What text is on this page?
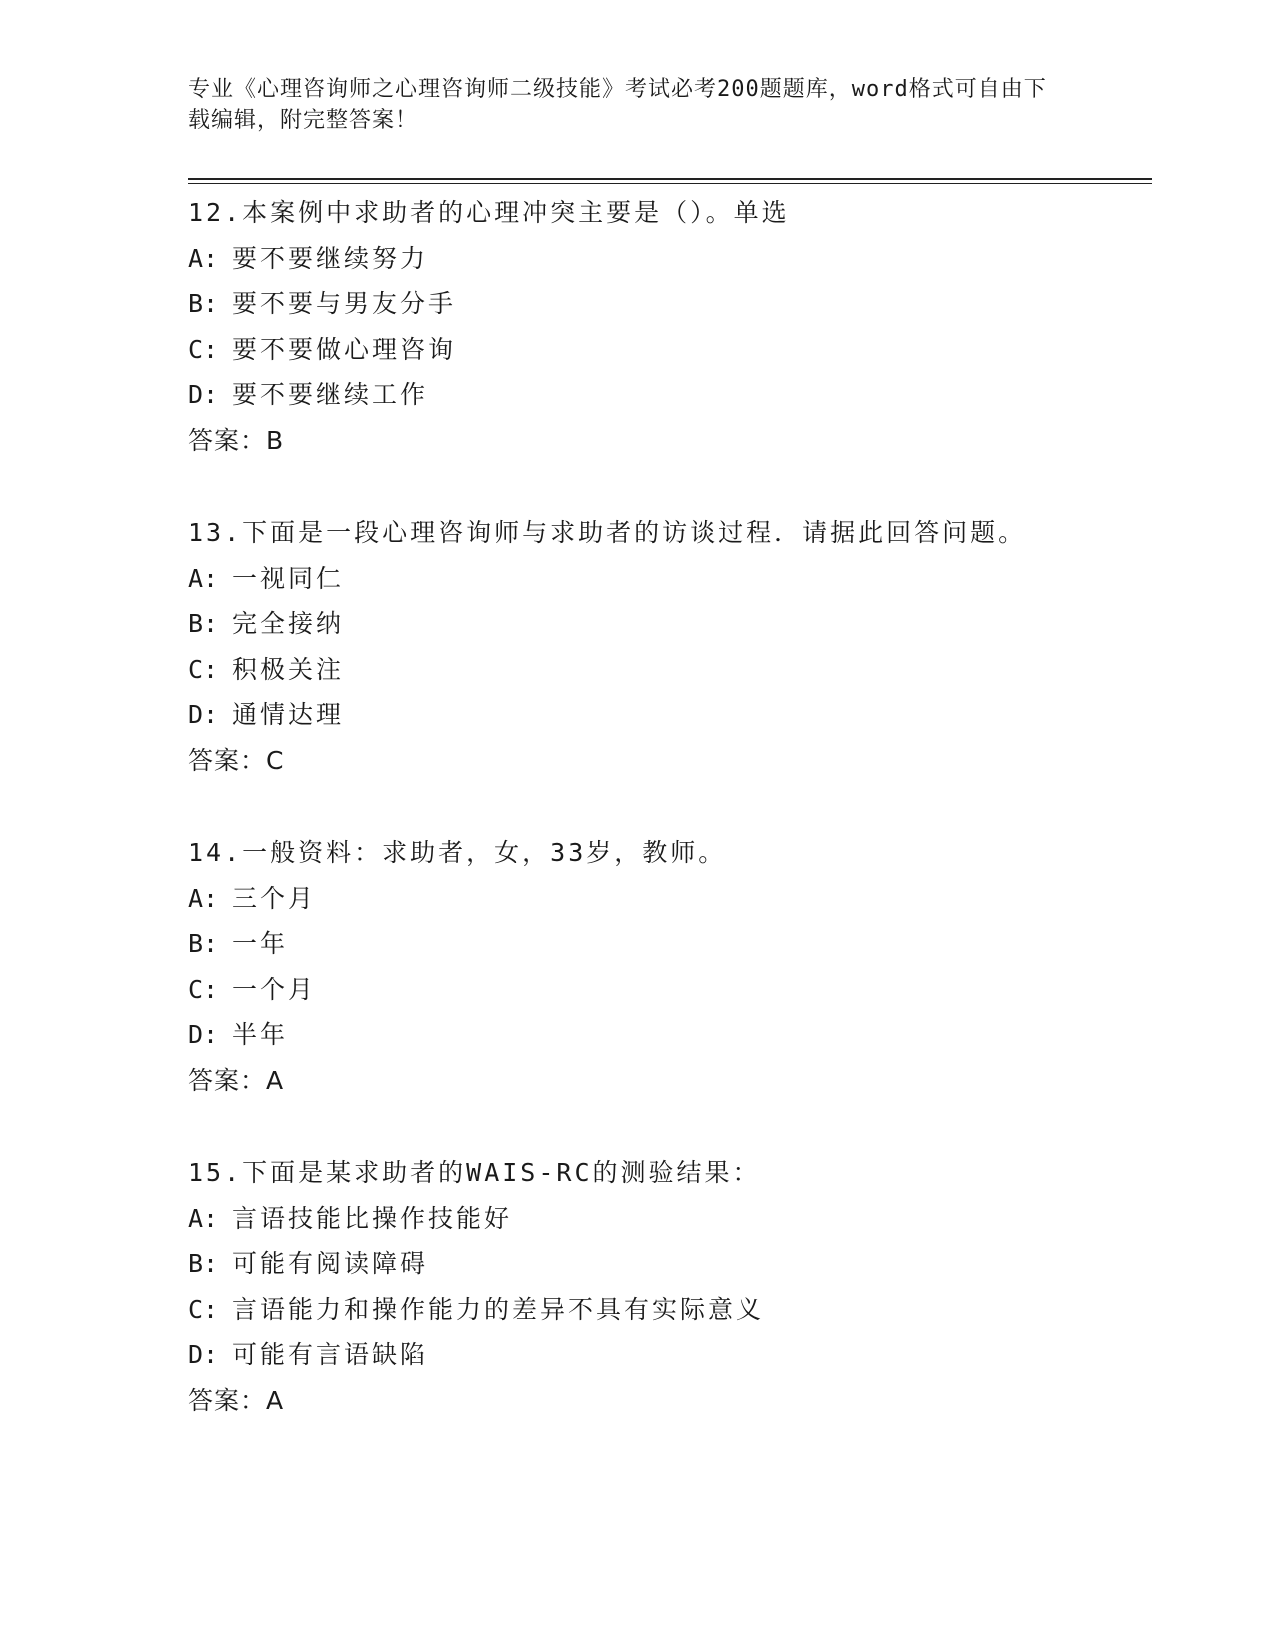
专业《心理咨询师之心理咨询师二级技能》考试必考200题题库，word格式可自由下载编辑，附完整答案！
12.本案例中求助者的心理冲突主要是（）。单选
A: 要不要继续努力
B: 要不要与男友分手
C: 要不要做心理咨询
D: 要不要继续工作
答案：B
13.下面是一段心理咨询师与求助者的访谈过程．请据此回答问题。
A: 一视同仁
B: 完全接纳
C: 积极关注
D: 通情达理
答案：C
14.一般资料：求助者，女，33岁，教师。
A: 三个月
B: 一年
C: 一个月
D: 半年
答案：A
15.下面是某求助者的WAIS-RC的测验结果：
A: 言语技能比操作技能好
B: 可能有阅读障碍
C: 言语能力和操作能力的差异不具有实际意义
D: 可能有言语缺陷
答案：A
